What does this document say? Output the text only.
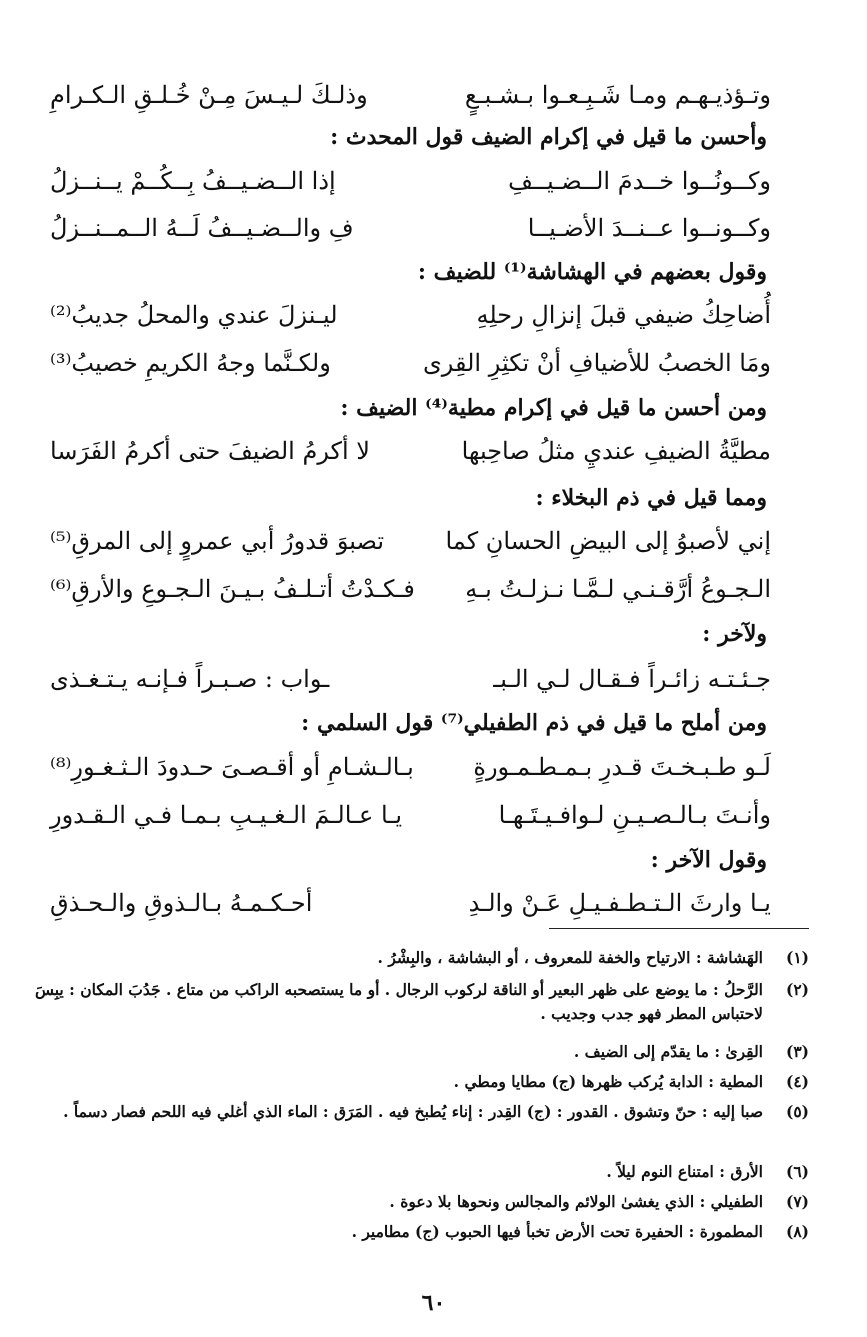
وتـؤذيـهـم ومـا شَـبِـعـوا بـشـبـعٍ
وذلـكَ لـيـسَ مِـنْ خُـلـقِ الـكـرامِ
وأحسن ما قيل في إكرام الضيف قول المحدث :
وكــونُــوا خــدمَ الــضـيــفِ
إذا الــضـيــفُ بِــكُــمْ يــنــزلُ
وكــونــوا عــنــدَ الأضـيــا
فِ والــضـيــفُ لَــهُ الــمــنــزلُ
وقول بعضهم في الهشاشة⁽¹⁾ للضيف :
أُضاحِكُ ضيفي قبلَ إنزالِ رحلِهِ
ليـنزلَ عندي والمحلُ جديبُ⁽²⁾
ومَا الخصبُ للأضيافِ أنْ تكثِرِ القِرى
ولكـنَّما وجهُ الكريمِ خصيبُ⁽³⁾
ومن أحسن ما قيل في إكرام مطية⁽⁴⁾ الضيف :
مطيَّةُ الضيفِ عنديِ مثلُ صاحِبها
لا أكرمُ الضيفَ حتى أكرمُ الفَرَسا
ومما قيل في ذم البخلاء :
إني لأصبوُ إلى البيضِ الحسانِ كما
تصبوَ قدورُ أبي عمروٍ إلى المرقِ⁽⁵⁾
الـجـوعُ أرَّقـنـي لـمَّـا نـزلـتُ بـهِ
فـكـدْتُ أتـلـفُ بـيـنَ الـجـوعِ والأرقِ⁽⁶⁾
ولآخر :
جـئـتـه زائـراً فـقـال لـي الـبـ
ـواب : صـبـراً فـإنـه يـتـغـذى
ومن أملح ما قيل في ذم الطفيلي⁽⁷⁾ قول السلمي :
لَـو طـبـخـتَ قـدرِ بـمـطـمـورةٍ
بـالـشـامِ أو أقـصـىَ حـدودَ الـثـغـورِ⁽⁸⁾
وأنـتَ بـالـصـيـنِ لـوافـيـتَـهـا
يـا عـالـمَ الـغـيـبِ بـمـا فـي الـقـدورِ
وقول الآخر :
يـا وارثَ الـتـطـفـيـلِ عَـنْ والـدِ
أحـكـمـهُ بـالـذوقِ والـحـذقِ
(١)
الهَشاشة : الارتياح والخفة للمعروف ، أو البشاشة ، والبِشْرُ .
(٢)
الرَّحلُ : ما يوضع على ظهر البعير أو الناقة لركوب الرجال . أو ما يستصحبه الراكب من متاع . جَدُبَ المكان : يبِسَ لاحتباس المطر فهو جدب وجديب .
(٣)
القِرىٰ : ما يقدّم إلى الضيف .
(٤)
المطية : الدابة يُركب ظهرها (ج) مطايا ومطي .
(٥)
صبا إليه : حنّ وتشوق . القدور : (ج) القِدر : إناء يُطبخ فيه . المَرَق : الماء الذي أغلي فيه اللحم فصار دسماً .
(٦)
الأرق : امتناع النوم ليلاً .
(٧)
الطفيلي : الذي يغشىٰ الولائم والمجالس ونحوها بلا دعوة .
(٨)
المطمورة : الحفيرة تحت الأرض تخبأ فيها الحبوب (ج) مطامير .
٦٠
